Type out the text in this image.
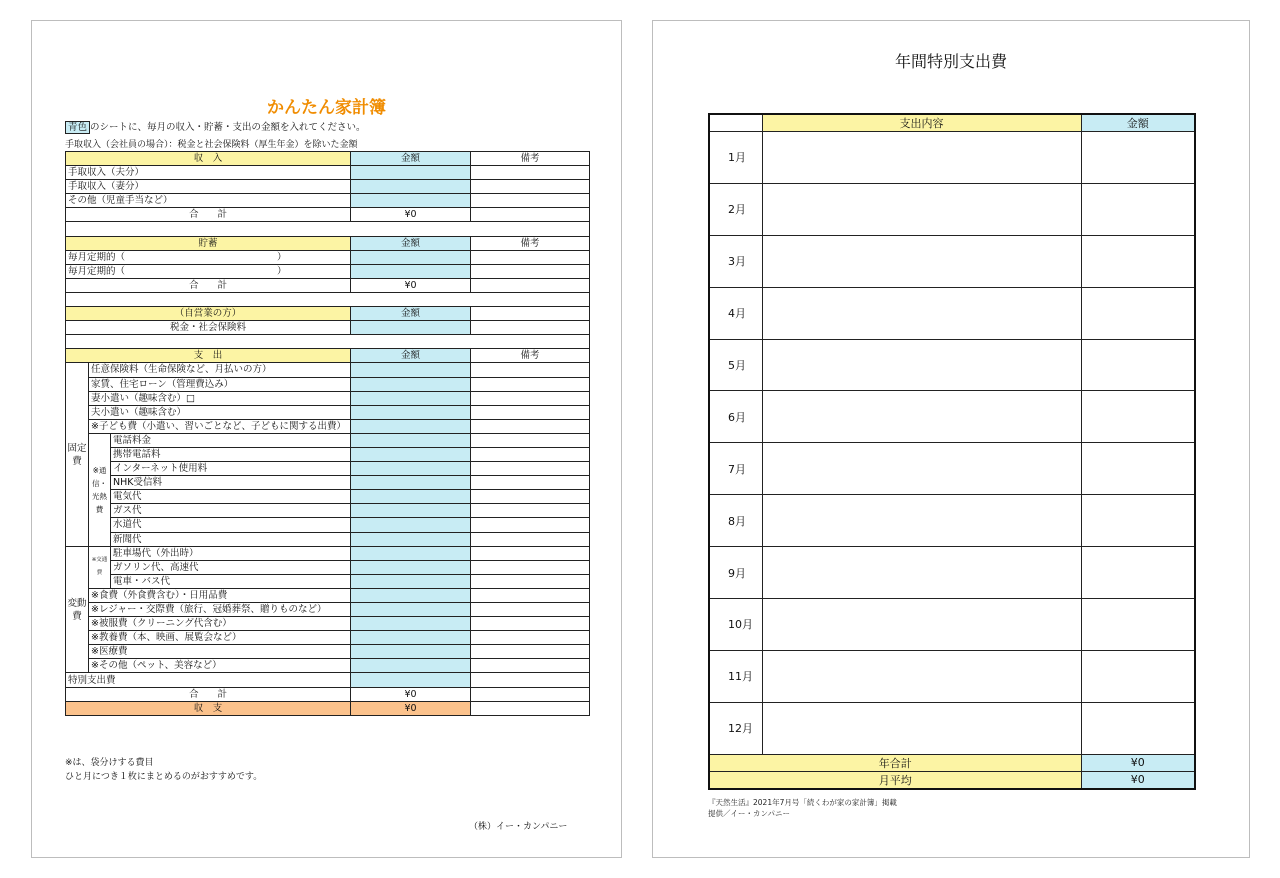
かんたん家計簿
青色 のシートに、毎月の収入・貯蓄・支出の金額を入れてください。
手取収入（会社員の場合）：税金と社会保険料（厚生年金）を除いた金額
収　入			金額	備考
手取収入（夫分）				
手取収入（妻分）				
その他（児童手当など）				
合　　計			¥0	

貯蓄			金額	備考
毎月定期的（　　　　　　　　　　　　　　　　）				
毎月定期的（　　　　　　　　　　　　　　　　）				
合　　計			¥0	

（自営業の方）			金額	
税金・社会保険料				

支　出			金額	備考
固定費	任意保険料（生命保険など、月払いの方）			
	家賃、住宅ローン（管理費込み）			
	妻小遣い（趣味含む）□			
	夫小遣い（趣味含む）			
	※子ども費（小遣い、習いごとなど、子どもに関する出費）			
	※通信・光熱費	電話料金		
		携帯電話料		
		インターネット使用料		
		NHK受信料		
		電気代		
		ガス代		
		水道代		
		新聞代		
変動費	※交通費	駐車場代（外出時）		
		ガソリン代、高速代		
		電車・バス代		
	※食費（外食費含む）・日用品費			
	※レジャー・交際費（旅行、冠婚葬祭、贈りものなど）			
	※被服費（クリーニング代含む）			
	※教養費（本、映画、展覧会など）			
	※医療費			
	※その他（ペット、美容など）			
特別支出費				
合　　計			¥0	
収　支			¥0	
※は、袋分けする費目
ひと月につき１枚にまとめるのがおすすめです。
（株）イー・カンパニー
年間特別支出費
	支出内容	金額
1月		
2月		
3月		
4月		
5月		
6月		
7月		
8月		
9月		
10月		
11月		
12月		
年合計		¥0
月平均		¥0
『天然生活』2021年7月号「続くわが家の家計簿」掲載
提供／イー・カンパニー
